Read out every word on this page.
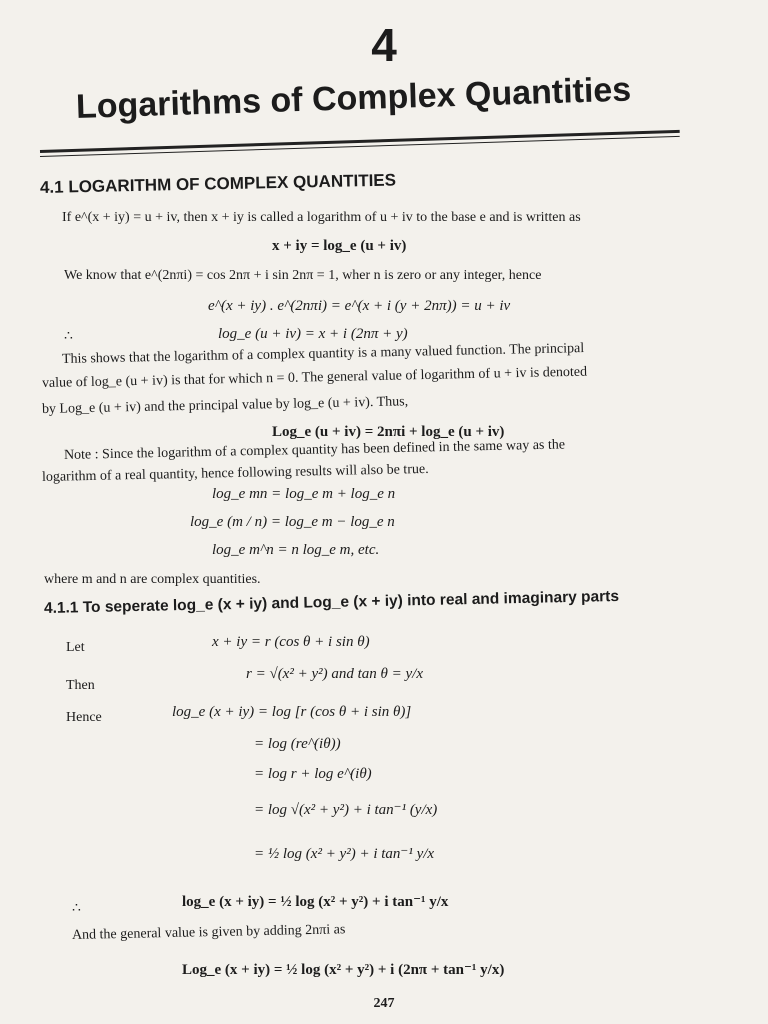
4
Logarithms of Complex Quantities
4.1 LOGARITHM OF COMPLEX QUANTITIES
If e^(x + iy) = u + iv, then x + iy is called a logarithm of u + iv to the base e and is written as
x + iy = log_e (u + iv)
We know that e^(2nπi) = cos 2nπ + i sin 2nπ = 1, wher n is zero or any integer, hence
e^(x + iy) . e^(2nπi) = e^(x + i (y + 2nπ)) = u + iv
∴	log_e (u + iv) = x + i (2nπ + y)
This shows that the logarithm of a complex quantity is a many valued function. The principal
value of log_e (u + iv) is that for which n = 0. The general value of logarithm of u + iv is denoted
by Log_e (u + iv) and the principal value by log_e (u + iv). Thus,
Log_e (u + iv) = 2nπi + log_e (u + iv)
Note : Since the logarithm of a complex quantity has been defined in the same way as the
logarithm of a real quantity, hence following results will also be true.
log_e mn = log_e m + log_e n
log_e (m / n) = log_e m − log_e n
log_e m^n = n log_e m, etc.
where m and n are complex quantities.
4.1.1 To seperate log_e (x + iy) and Log_e (x + iy) into real and imaginary parts
Let	x + iy = r (cos θ + i sin θ)
Then
r = √(x² + y²) and tan θ = y/x
Hence	log_e (x + iy) = log [r (cos θ + i sin θ)]
= log (re^(iθ))
= log r + log e^(iθ)
= log √(x² + y²) + i tan⁻¹ (y/x)
= ½ log (x² + y²) + i tan⁻¹ y/x
∴	log_e (x + iy) = ½ log (x² + y²) + i tan⁻¹ y/x
And the general value is given by adding 2nπi as
Log_e (x + iy) = ½ log (x² + y²) + i (2nπ + tan⁻¹ y/x)
247
